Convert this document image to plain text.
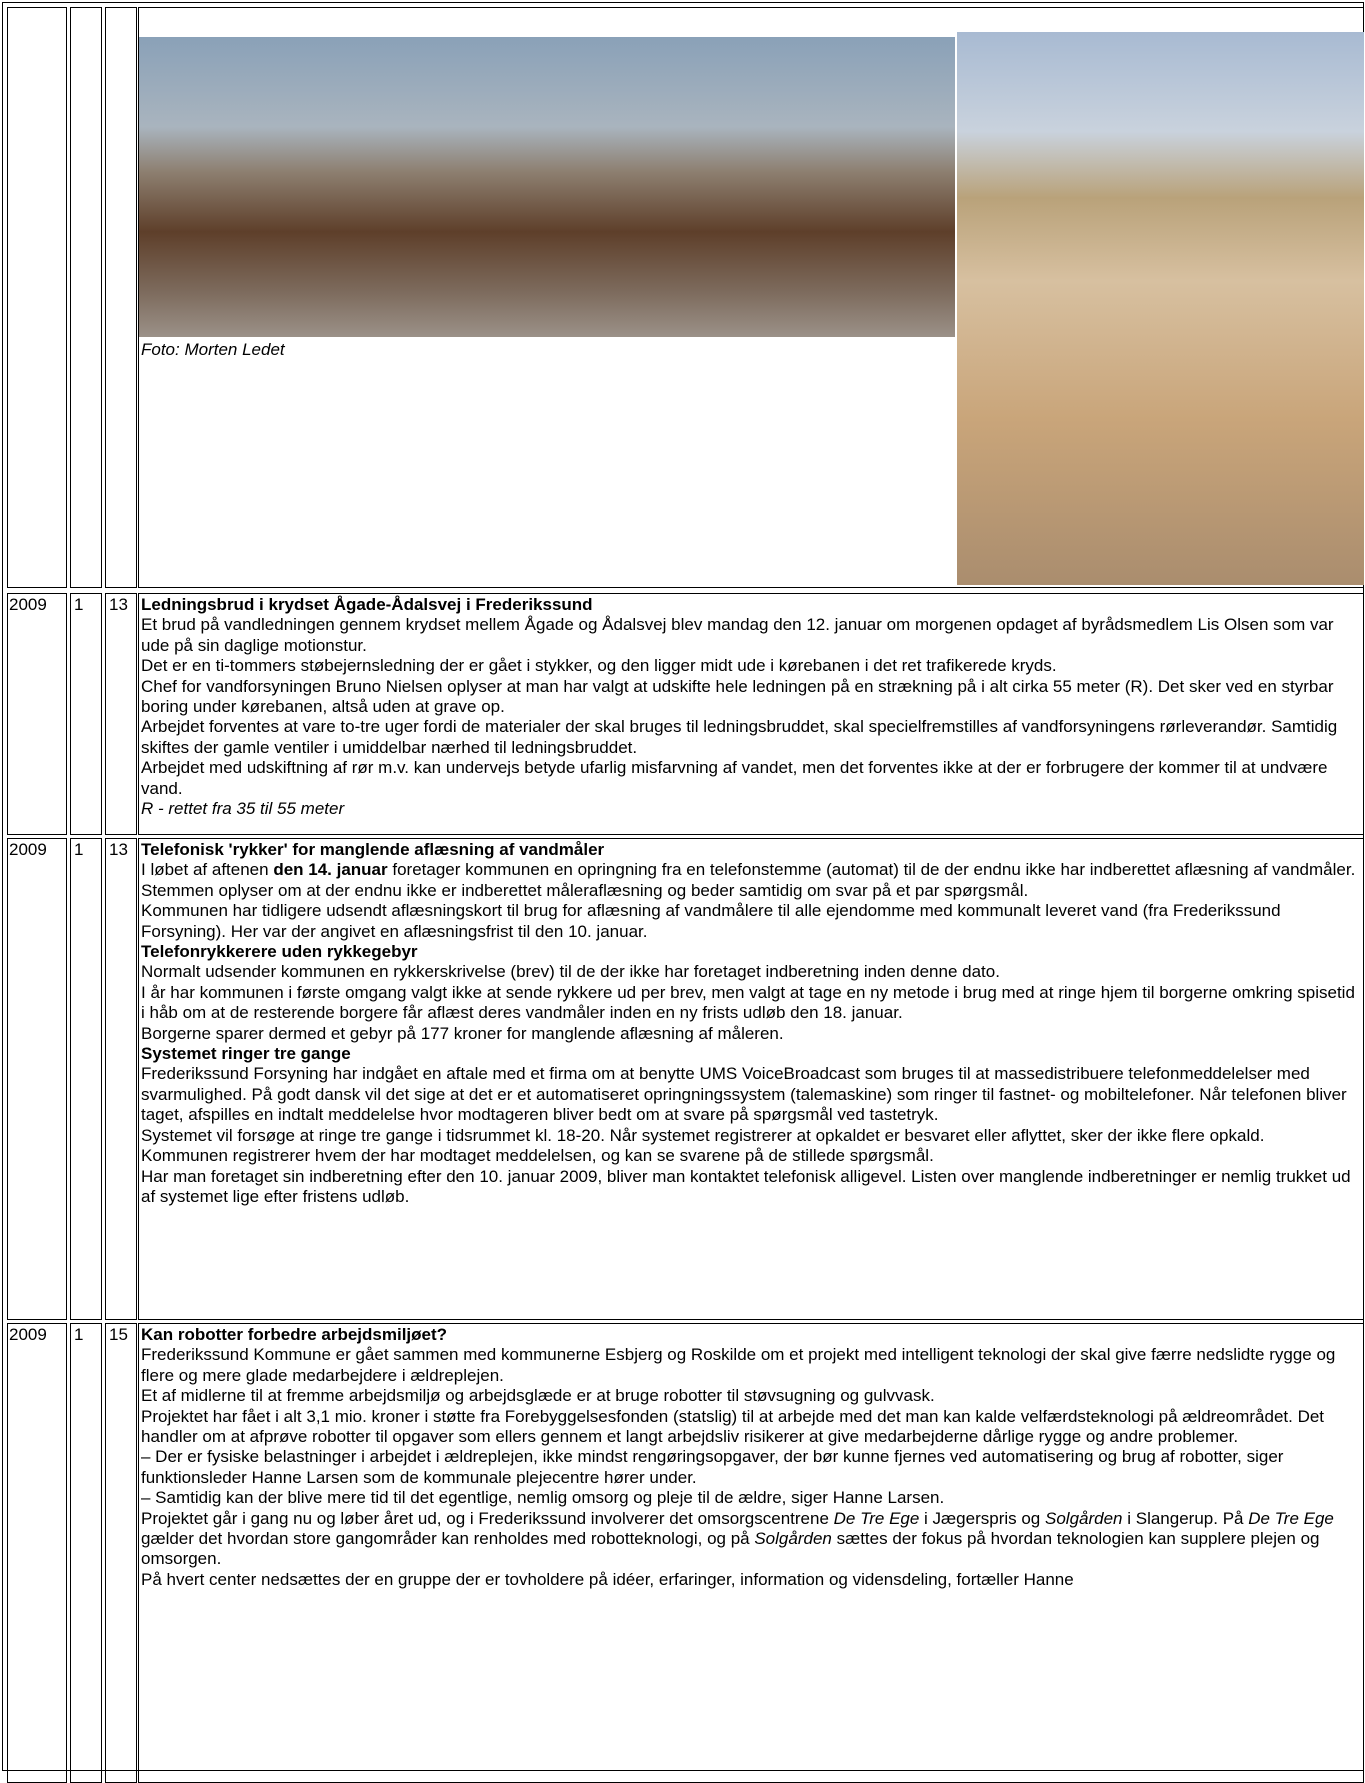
Foto: Morten Ledet
2009 1 13 Ledningsbrud i krydset Ågade-Ådalsvej i Frederikssund

Et brud på vandledningen gennem krydset mellem Ågade og Ådalsvej blev mandag den 12. januar om morgenen opdaget af byrådsmedlem Lis Olsen som var ude på sin daglige motionstur.

Det er en ti-tommers støbejernsledning der er gået i stykker, og den ligger midt ude i kørebanen i det ret trafikerede kryds.

Chef for vandforsyningen Bruno Nielsen oplyser at man har valgt at udskifte hele ledningen på en strækning på i alt cirka 55 meter (R). Det sker ved en styrbar boring under kørebanen, altså uden at grave op.

Arbejdet forventes at vare to-tre uger fordi de materialer der skal bruges til ledningsbruddet, skal specielfremstilles af vandforsyningens rørleverandør. Samtidig skiftes der gamle ventiler i umiddelbar nærhed til ledningsbruddet.

Arbejdet med udskiftning af rør m.v. kan undervejs betyde ufarlig misfarvning af vandet, men det forventes ikke at der er forbrugere der kommer til at undvære vand.

R - rettet fra 35 til 55 meter

2009 1 13 Telefonisk 'rykker' for manglende aflæsning af vandmåler

I løbet af aftenen den 14. januar foretager kommunen en opringning fra en telefonstemme (automat) til de der endnu ikke har indberettet aflæsning af vandmåler. Stemmen oplyser om at der endnu ikke er indberettet måleraflæsning og beder samtidig om svar på et par spørgsmål.

Kommunen har tidligere udsendt aflæsningskort til brug for aflæsning af vandmålere til alle ejendomme med kommunalt leveret vand (fra Frederikssund Forsyning). Her var der angivet en aflæsningsfrist til den 10. januar.

Telefonrykkerere uden rykkegebyr

Normalt udsender kommunen en rykkerskrivelse (brev) til de der ikke har foretaget indberetning inden denne dato.

I år har kommunen i første omgang valgt ikke at sende rykkere ud per brev, men valgt at tage en ny metode i brug med at ringe hjem til borgerne omkring spisetid i håb om at de resterende borgere får aflæst deres vandmåler inden en ny frists udløb den 18. januar.

Borgerne sparer dermed et gebyr på 177 kroner for manglende aflæsning af måleren.

Systemet ringer tre gange

Frederikssund Forsyning har indgået en aftale med et firma om at benytte UMS VoiceBroadcast som bruges til at massedistribuere telefonmeddelelser med svarmulighed. På godt dansk vil det sige at det er et automatiseret opringningssystem (talemaskine) som ringer til fastnet- og mobiltelefoner. Når telefonen bliver taget, afspilles en indtalt meddelelse hvor modtageren bliver bedt om at svare på spørgsmål ved tastetryk.

Systemet vil forsøge at ringe tre gange i tidsrummet kl. 18-20. Når systemet registrerer at opkaldet er besvaret eller aflyttet, sker der ikke flere opkald.

Kommunen registrerer hvem der har modtaget meddelelsen, og kan se svarene på de stillede spørgsmål.

Har man foretaget sin indberetning efter den 10. januar 2009, bliver man kontaktet telefonisk alligevel. Listen over manglende indberetninger er nemlig trukket ud af systemet lige efter fristens udløb.

2009 1 15 Kan robotter forbedre arbejdsmiljøet?

Frederikssund Kommune er gået sammen med kommunerne Esbjerg og Roskilde om et projekt med intelligent teknologi der skal give færre nedslidte rygge og flere og mere glade medarbejdere i ældreplejen.

Et af midlerne til at fremme arbejdsmiljø og arbejdsglæde er at bruge robotter til støvsugning og gulvvask.

Projektet har fået i alt 3,1 mio. kroner i støtte fra Forebyggelsesfonden (statslig) til at arbejde med det man kan kalde velfærdsteknologi på ældreområdet. Det handler om at afprøve robotter til opgaver som ellers gennem et langt arbejdsliv risikerer at give medarbejderne dårlige rygge og andre problemer.

– Der er fysiske belastninger i arbejdet i ældreplejen, ikke mindst rengøringsopgaver, der bør kunne fjernes ved automatisering og brug af robotter, siger funktionsleder Hanne Larsen som de kommunale plejecentre hører under.

– Samtidig kan der blive mere tid til det egentlige, nemlig omsorg og pleje til de ældre, siger Hanne Larsen.

Projektet går i gang nu og løber året ud, og i Frederikssund involverer det omsorgscentrene De Tre Ege i Jægerspris og Solgården i Slangerup. På De Tre Ege gælder det hvordan store gangområder kan renholdes med robotteknologi, og på Solgården sættes der fokus på hvordan teknologien kan supplere plejen og omsorgen.

På hvert center nedsættes der en gruppe der er tovholdere på idéer, erfaringer, information og vidensdeling, fortæller Hanne
